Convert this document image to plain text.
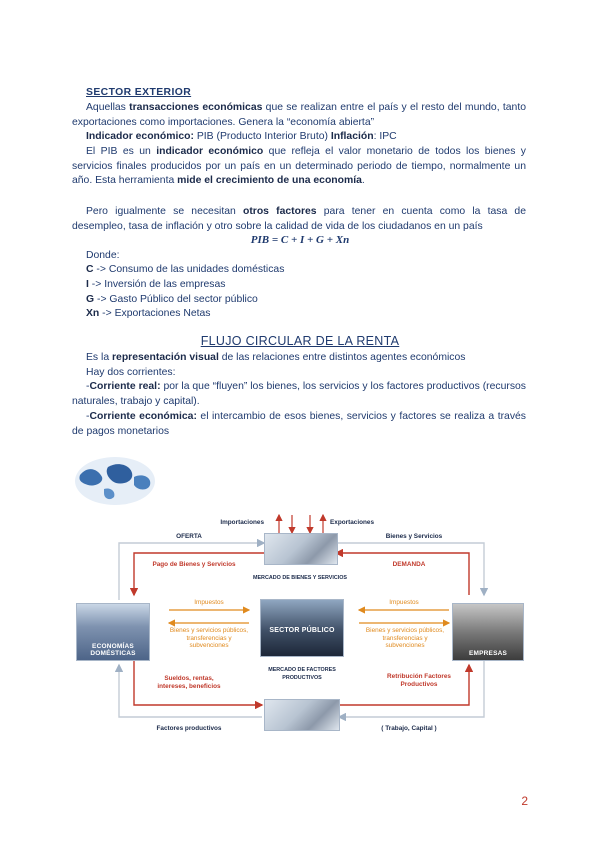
SECTOR EXTERIOR
Aquellas transacciones económicas que se realizan entre el país y el resto del mundo, tanto exportaciones como importaciones. Genera la “economía abierta”
Indicador económico: PIB (Producto Interior Bruto) Inflación: IPC
El PIB es un indicador económico que refleja el valor monetario de todos los bienes y servicios finales producidos por un país en un determinado periodo de tiempo, normalmente un año. Esta herramienta mide el crecimiento de una economía.
Pero igualmente se necesitan otros factores para tener en cuenta como la tasa de desempleo, tasa de inflación y otro sobre la calidad de vida de los ciudadanos en un país
PIB = C + I + G + Xn
Donde:
C -> Consumo de las unidades domésticas
I -> Inversión de las empresas
G -> Gasto Público del sector público
Xn -> Exportaciones Netas
FLUJO CIRCULAR DE LA RENTA
Es la representación visual de las relaciones entre distintos agentes económicos
Hay dos corrientes:
-Corriente real: por la que “fluyen” los bienes, los servicios y los factores productivos (recursos naturales, trabajo y capital).
-Corriente económica: el intercambio de esos bienes, servicios y factores se realiza a través de pagos monetarios
Importaciones	Exportaciones
OFERTA	Bienes y Servicios
Pago de Bienes y Servicios	DEMANDA
MERCADO DE BIENES Y SERVICIOS
Impuestos	Impuestos
Bienes y servicios públicos, transferencias y subvenciones
Bienes y servicios públicos, transferencias y subvenciones
ECONOMÍAS DOMÉSTICAS
SECTOR PÚBLICO
EMPRESAS
Sueldos, rentas, intereses, beneficios
MERCADO DE FACTORES PRODUCTIVOS	Retribución Factores Productivos
Factores productivos	( Trabajo, Capital )
2
